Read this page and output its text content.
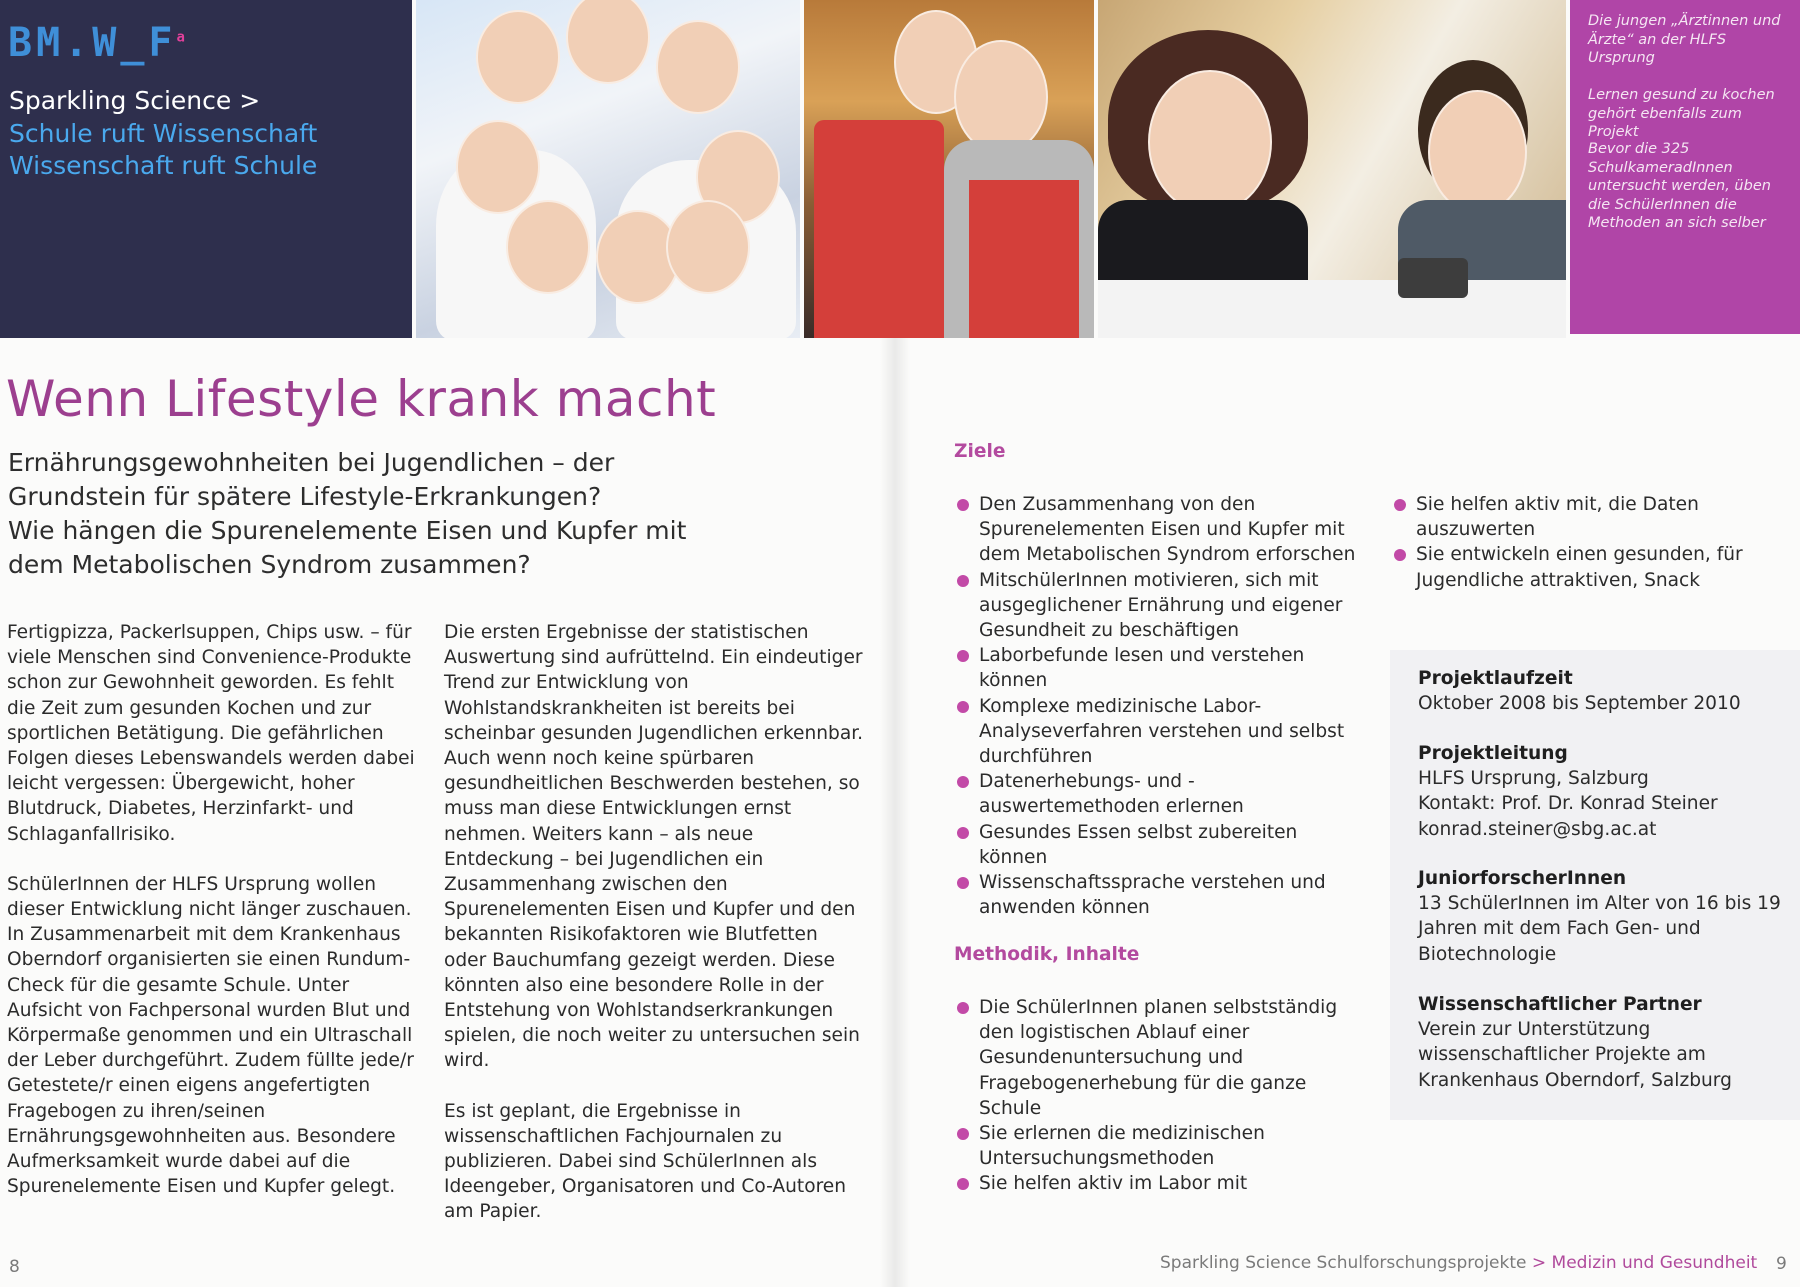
$BM.W\_F^a$
Sparkling Science >
Schule ruft Wissenschaft
Wissenschaft ruft Schule
Die jungen „Ärztinnen und Ärzte“ an der HLFS Ursprung
Lernen gesund zu kochen gehört ebenfalls zum Projekt
Bevor die 325 SchulkameradInnen untersucht werden, üben die SchülerInnen die Methoden an sich selber
Wenn Lifestyle krank macht
Ernährungsgewohnheiten bei Jugendlichen – der
Grundstein für spätere Lifestyle-Erkrankungen?
Wie hängen die Spurenelemente Eisen und Kupfer mit
dem Metabolischen Syndrom zusammen?

Fertigpizza, Packerlsuppen, Chips usw. – für viele Menschen sind Convenience-Produkte schon zur Gewohnheit geworden. Es fehlt die Zeit zum gesunden Kochen und zur sportlichen Betätigung. Die gefährlichen Folgen dieses Lebenswandels werden dabei leicht vergessen: Übergewicht, hoher Blutdruck, Diabetes, Herzinfarkt- und Schlaganfallrisiko.

SchülerInnen der HLFS Ursprung wollen dieser Entwicklung nicht länger zuschauen. In Zusammenarbeit mit dem Krankenhaus Oberndorf organisierten sie einen Rundum-Check für die gesamte Schule. Unter Aufsicht von Fachpersonal wurden Blut und Körpermaße genommen und ein Ultraschall der Leber durchgeführt. Zudem füllte jede/r Getestete/r einen eigens angefertigten Fragebogen zu ihren/seinen Ernährungsgewohnheiten aus. Besondere Aufmerksamkeit wurde dabei auf die Spurenelemente Eisen und Kupfer gelegt.

Die ersten Ergebnisse der statistischen Auswertung sind aufrüttelnd. Ein eindeutiger Trend zur Entwicklung von Wohlstandskrankheiten ist bereits bei scheinbar gesunden Jugendlichen erkennbar. Auch wenn noch keine spürbaren gesundheitlichen Beschwerden bestehen, so muss man diese Entwicklungen ernst nehmen. Weiters kann – als neue Entdeckung – bei Jugendlichen ein Zusammenhang zwischen den Spurenelementen Eisen und Kupfer und den bekannten Risikofaktoren wie Blutfetten oder Bauchumfang gezeigt werden. Diese könnten also eine besondere Rolle in der Entstehung von Wohlstandserkrankungen spielen, die noch weiter zu untersuchen sein wird.

Es ist geplant, die Ergebnisse in wissenschaftlichen Fachjournalen zu publizieren. Dabei sind SchülerInnen als Ideengeber, Organisatoren und Co-Autoren am Papier.

Ziele
Den Zusammenhang von den Spurenelementen Eisen und Kupfer mit dem Metabolischen Syndrom erforschen
MitschülerInnen motivieren, sich mit ausgeglichener Ernährung und eigener Gesundheit zu beschäftigen
Laborbefunde lesen und verstehen können
Komplexe medizinische Labor-Analyseverfahren verstehen und selbst durchführen
Datenerhebungs- und -auswertemethoden erlernen
Gesundes Essen selbst zubereiten können
Wissenschaftssprache verstehen und anwenden können
Sie helfen aktiv mit, die Daten auszuwerten
Sie entwickeln einen gesunden, für Jugendliche attraktiven, Snack
Methodik, Inhalte
Die SchülerInnen planen selbstständig den logistischen Ablauf einer Gesundenuntersuchung und Fragebogenerhebung für die ganze Schule
Sie erlernen die medizinischen Untersuchungsmethoden
Sie helfen aktiv im Labor mit
Projektlaufzeit
Oktober 2008 bis September 2010
Projektleitung
HLFS Ursprung, Salzburg
Kontakt: Prof. Dr. Konrad Steiner
konrad.steiner@sbg.ac.at
JuniorforscherInnen
13 SchülerInnen im Alter von 16 bis 19 Jahren mit dem Fach Gen- und Biotechnologie
Wissenschaftlicher Partner
Verein zur Unterstützung wissenschaftlicher Projekte am Krankenhaus Oberndorf, Salzburg
8	Sparkling Science Schulforschungsprojekte > Medizin und Gesundheit 9
